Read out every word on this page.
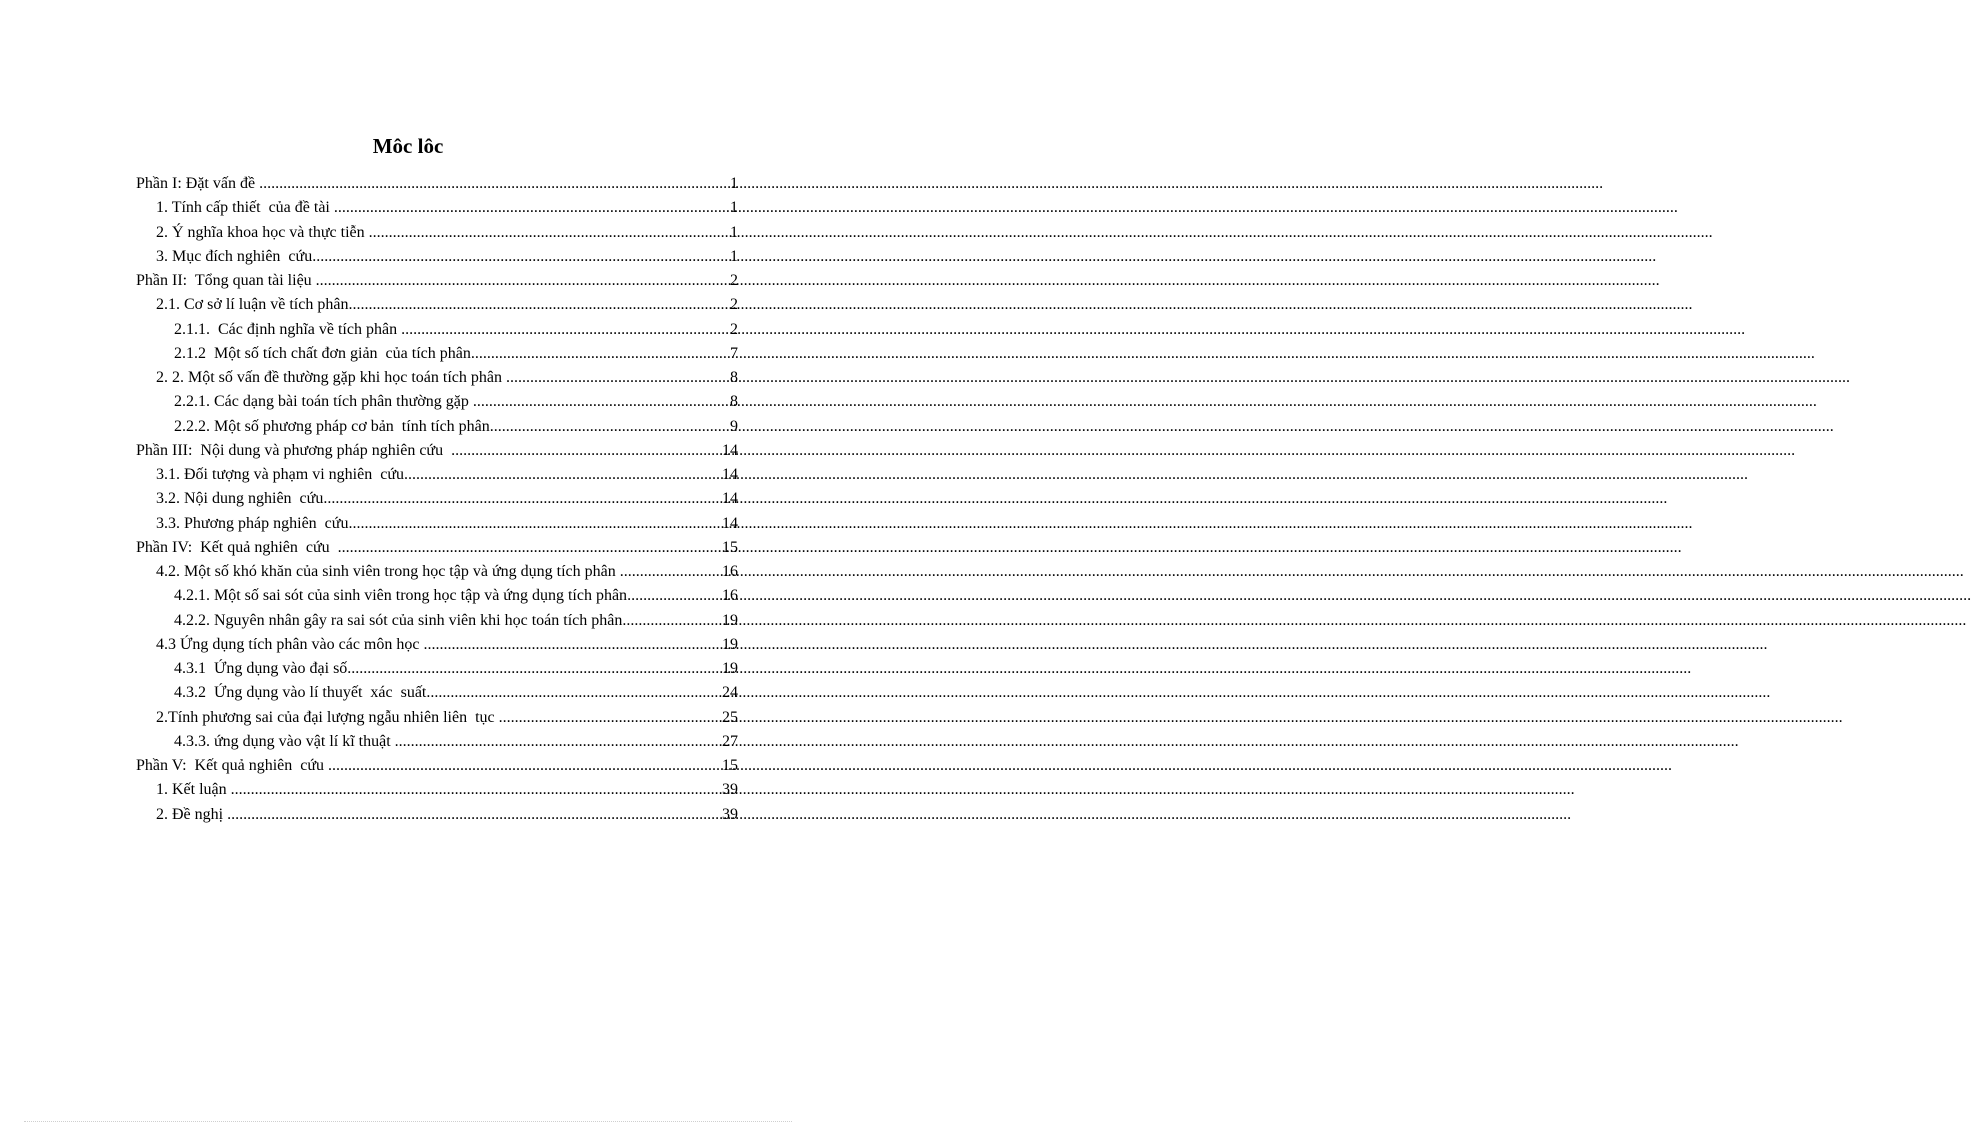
Môc lôc
Phần I: Đặt vấn đề .....	1
1. Tính cấp thiết  của đề tài .....	1
2. Ý nghĩa khoa học và thực tiễn .....	1
3. Mục đích nghiên  cứu .....	1
Phần II:  Tổng quan tài liệu .....	2
2.1. Cơ sở lí luận về tích phân .....	2
2.1.1.  Các định nghĩa về tích phân .....	2
2.1.2  Một số tích chất đơn giản  của tích phân .....	7
2. 2. Một số vấn đề thường gặp khi học toán tích phân .....	8
2.2.1. Các dạng bài toán tích phân thường gặp .....	8
2.2.2. Một số phương pháp cơ bản  tính tích phân .....	9
Phần III:  Nội dung và phương pháp nghiên cứu .....	14
3.1. Đối tượng và phạm vi nghiên  cứu .....	14
3.2. Nội dung nghiên  cứu .....	14
3.3. Phương pháp nghiên  cứu .....	14
Phần IV:  Kết quả nghiên  cứu .....	15
4.2. Một số khó khăn của sinh viên trong học tập và ứng dụng tích phân .....	16
4.2.1. Một số sai sót của sinh viên trong học tập và ứng dụng tích phân .....	16
4.2.2. Nguyên nhân gây ra sai sót của sinh viên khi học toán tích phân .....	19
4.3 Ứng dụng tích phân vào các môn học .....	19
4.3.1  Ứng dụng vào đại số .....	19
4.3.2  Ứng dụng vào lí thuyết  xác  suất .....	24
2.Tính phương sai của đại lượng ngẫu nhiên liên  tục .....	25
4.3.3. ứng dụng vào vật lí kĩ thuật .....	27
Phần V:  Kết quả nghiên  cứu .....	15
1. Kết luận .....	39
2. Đề nghị .....	39
